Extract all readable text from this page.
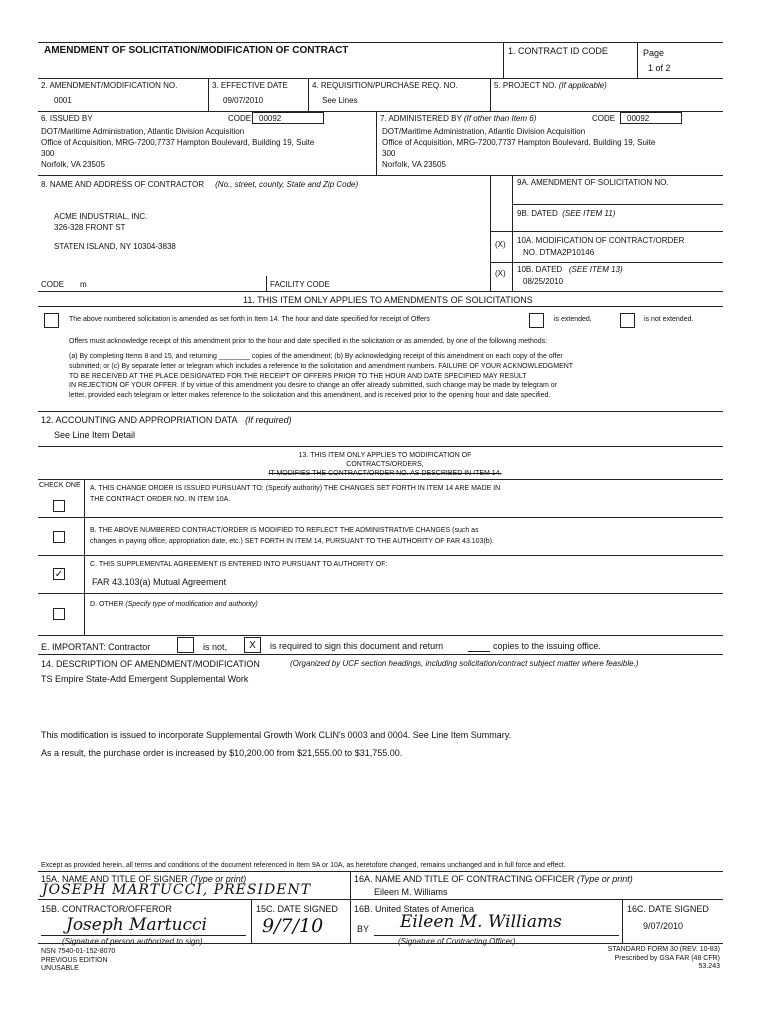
AMENDMENT OF SOLICITATION/MODIFICATION OF CONTRACT	1. CONTRACT ID CODE	Page
1 of 2
2. AMENDMENT/MODIFICATION NO.
0001
3. EFFECTIVE DATE
09/07/2010
4. REQUISITION/PURCHASE REQ. NO.
See Lines
5. PROJECT NO. (If applicable)
6. ISSUED BY	CODE 00092
DOT/Maritime Administration, Atlantic Division Acquisition
Office of Acquisition, MRG-7200,7737 Hampton Boulevard, Building 19, Suite
300
Norfolk, VA 23505
7. ADMINISTERED BY (If other than Item 6)	CODE	00092
DOT/Maritime Administration, Atlantic Division Acquisition
Office of Acquisition, MRG-7200,7737 Hampton Boulevard, Building 19, Suite
300
Norfolk, VA 23505
8. NAME AND ADDRESS OF CONTRACTOR (No., street, county, State and Zip Code)
ACME INDUSTRIAL, INC.
326-328 FRONT ST
STATEN ISLAND, NY 10304-3838
CODE m	FACILITY CODE
9A. AMENDMENT OF SOLICITATION NO.
9B. DATED (SEE ITEM 11)
(X) 10A. MODIFICATION OF CONTRACT/ORDER
NO. DTMA2P10146
(X) 10B. DATED (SEE ITEM 13)
08/25/2010
11. THIS ITEM ONLY APPLIES TO AMENDMENTS OF SOLICITATIONS
The above numbered solicitation is amended as set forth in Item 14. The hour and date specified for receipt of Offers	is extended,	is not extended.
Offers must acknowledge receipt of this amendment prior to the hour and date specified in the solicitation or as amended, by one of the following methods:
(a) By completing Items 8 and 15, and returning ________ copies of the amendment; (b) By acknowledging receipt of this amendment on each copy of the offer
submitted; or (c) By separate letter or telegram which includes a reference to the solicitation and amendment numbers. FAILURE OF YOUR ACKNOWLEDGMENT
TO BE RECEIVED AT THE PLACE DESIGNATED FOR THE RECEIPT OF OFFERS PRIOR TO THE HOUR AND DATE SPECIFIED MAY RESULT
IN REJECTION OF YOUR OFFER. If by virtue of this amendment you desire to change an offer already submitted, such change may be made by telegram or
letter, provided each telegram or letter makes reference to the solicitation and this amendment, and is received prior to the opening hour and date specified.
12. ACCOUNTING AND APPROPRIATION DATA (If required)
See Line Item Detail
13. THIS ITEM ONLY APPLIES TO MODIFICATION OF
CONTRACTS/ORDERS,
IT MODIFIES THE CONTRACT/ORDER NO. AS DESCRIBED IN ITEM 14.
CHECK ONE A. THIS CHANGE ORDER IS ISSUED PURSUANT TO: (Specify authority) THE CHANGES SET FORTH IN ITEM 14 ARE MADE IN
THE CONTRACT ORDER NO. IN ITEM 10A.
B. THE ABOVE NUMBERED CONTRACT/ORDER IS MODIFIED TO REFLECT THE ADMINISTRATIVE CHANGES (such as
changes in paying office, appropriation date, etc.) SET FORTH IN ITEM 14, PURSUANT TO THE AUTHORITY OF FAR 43.103(b).
C. THIS SUPPLEMENTAL AGREEMENT IS ENTERED INTO PURSUANT TO AUTHORITY OF:
FAR 43.103(a) Mutual Agreement
✓
D. OTHER (Specify type of modification and authority)
E. IMPORTANT: Contractor	is not,	X	is required to sign this document and return	copies to the issuing office.
14. DESCRIPTION OF AMENDMENT/MODIFICATION	(Organized by UCF section headings, including solicitation/contract subject matter where feasible.)
TS Empire State-Add Emergent Supplemental Work
This modification is issued to incorporate Supplemental Growth Work CLIN's 0003 and 0004. See Line Item Summary.
As a result, the purchase order is increased by $10,200.00 from $21,555.00 to $31,755.00.
Except as provided herein, all terms and conditions of the document referenced in Item 9A or 10A, as heretofore changed, remains unchanged and in full force and effect.
15A. NAME AND TITLE OF SIGNER (Type or print)
JOSEPH MARTUCCI, PRESIDENT
16A. NAME AND TITLE OF CONTRACTING OFFICER (Type or print)
Eileen M. Williams
15B. CONTRACTOR/OFFEROR
Joseph Martucci
(Signature of person authorized to sign)
15C. DATE SIGNED
9/7/10
16B. United States of America
BY Eileen M. Williams
(Signature of Contracting Officer)
16C. DATE SIGNED
9/07/2010
NSN 7540-01-152-8070
PREVIOUS EDITION
UNUSABLE
STANDARD FORM 30 (REV. 10-83)
Prescribed by GSA FAR (48 CFR)
53.243
